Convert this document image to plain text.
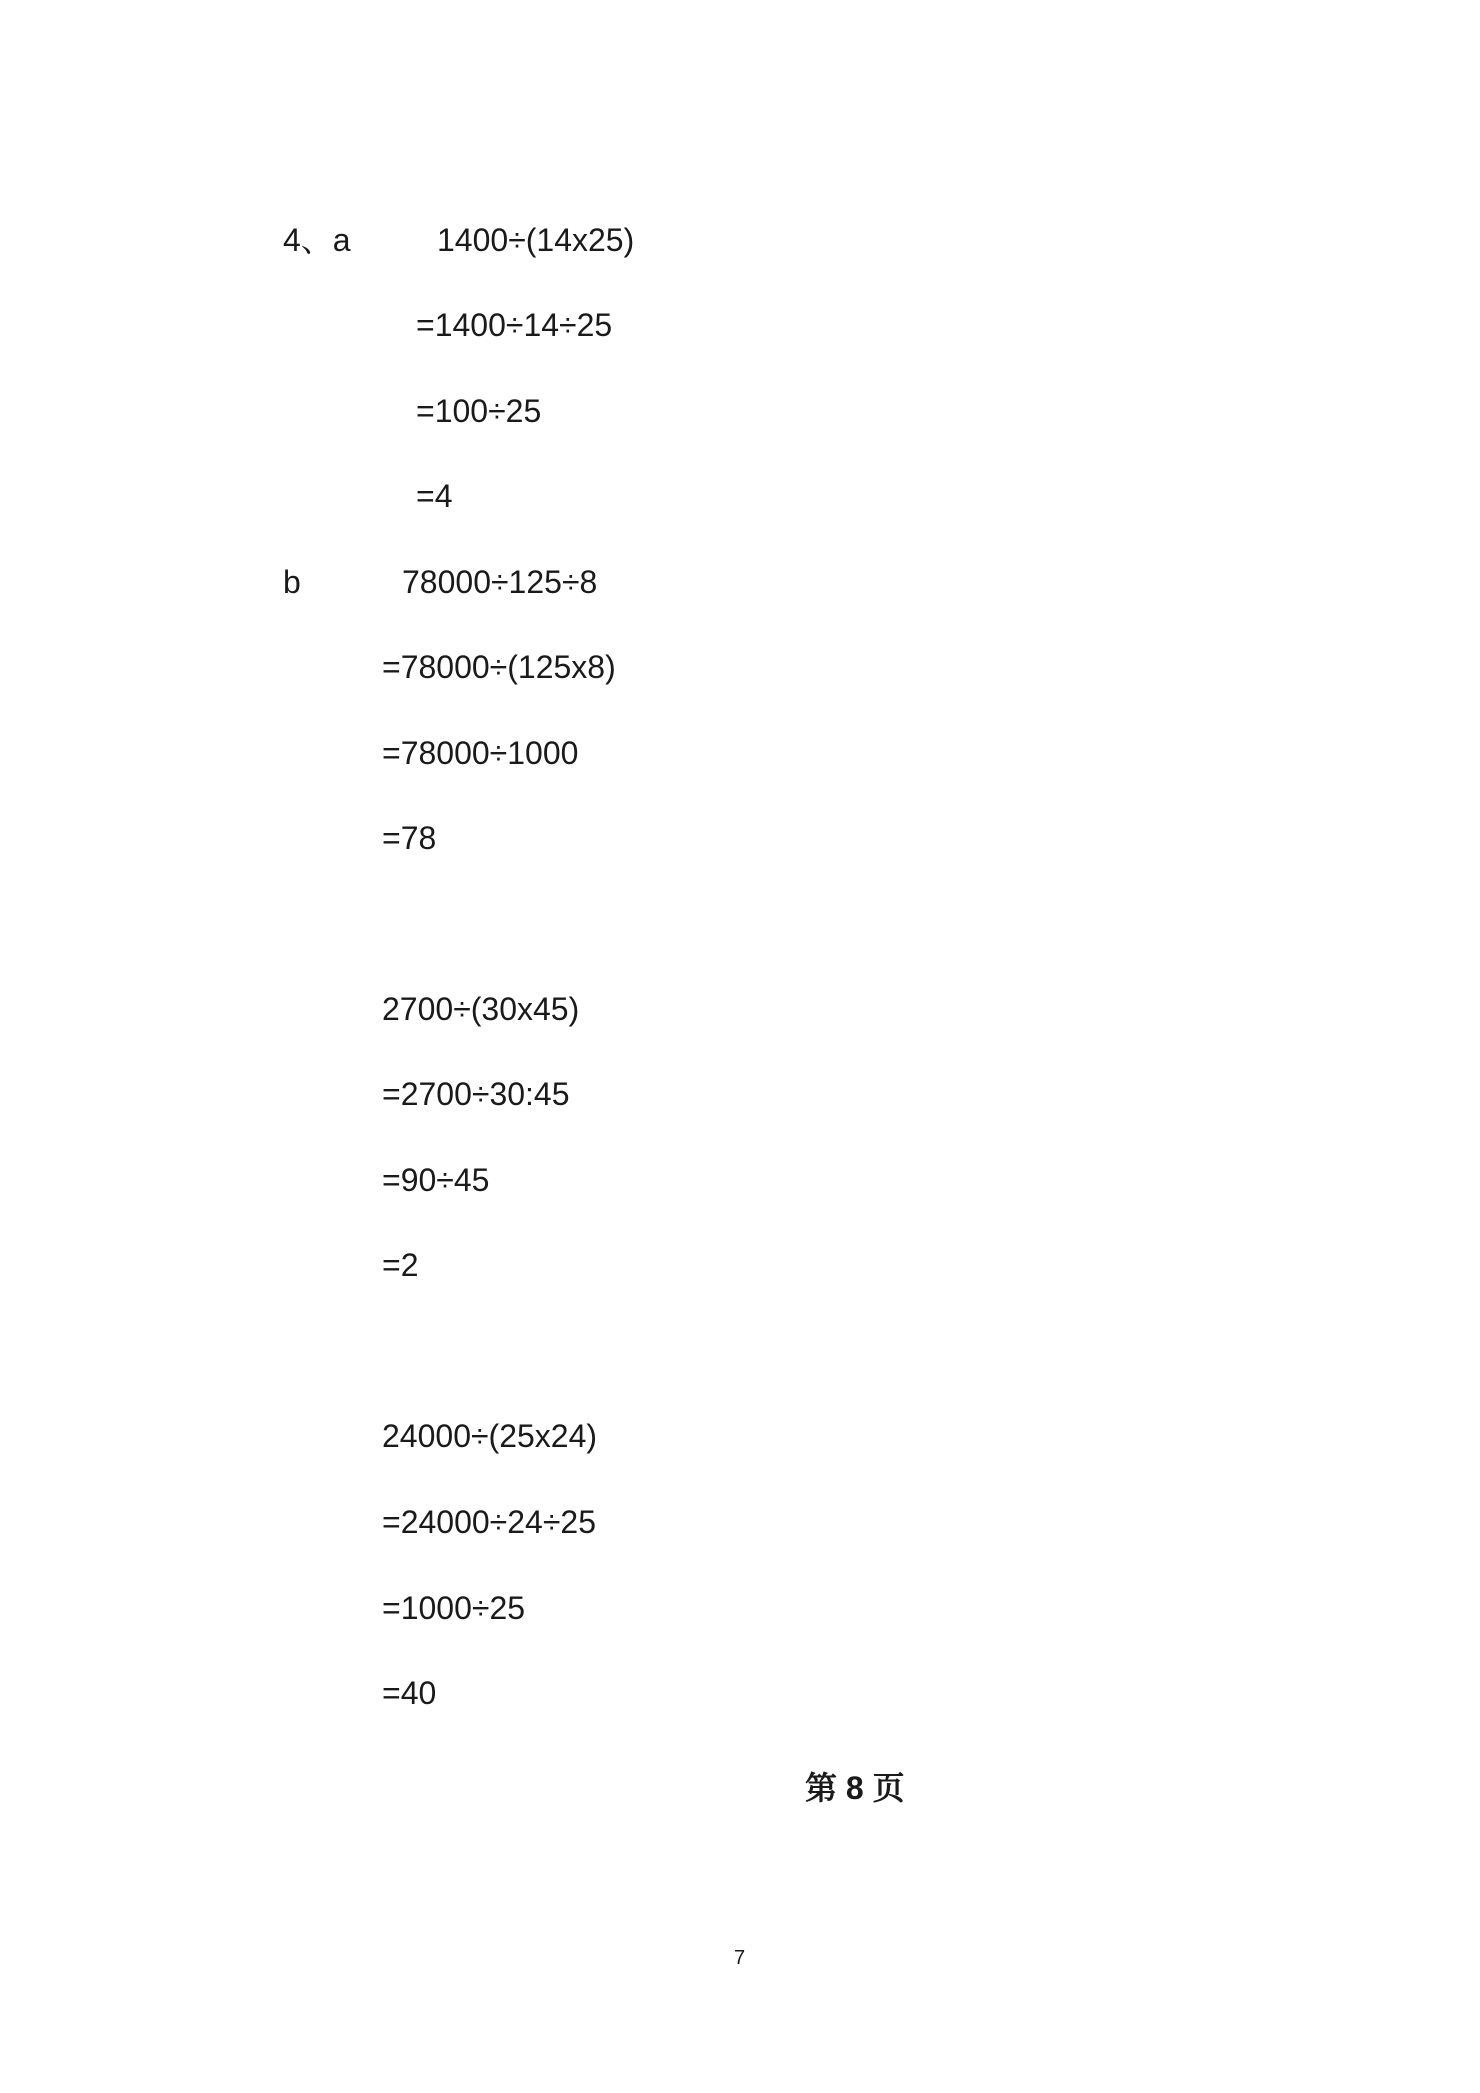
4、a	1400÷(14x25)
=1400÷14÷25
=100÷25
=4
b	78000÷125÷8
=78000÷(125x8)
=78000÷1000
=78
2700÷(30x45)
=2700÷30:45
=90÷45
=2
24000÷(25x24)
=24000÷24÷25
=1000÷25
=40
第 8 页
7
